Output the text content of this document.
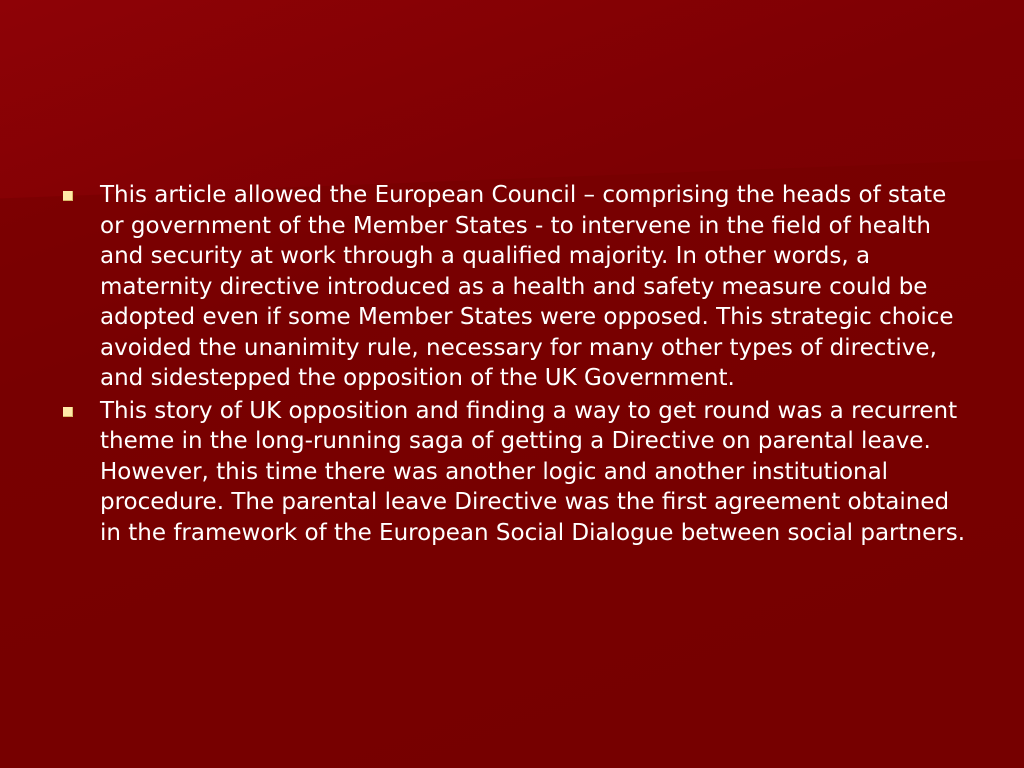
This article allowed the European Council – comprising the heads of state or government of the Member States - to intervene in the field of health and security at work through a qualified majority. In other words, a maternity directive introduced as a health and safety measure could be adopted even if some Member States were opposed. This strategic choice avoided the unanimity rule, necessary for many other types of directive, and sidestepped the opposition of the UK Government.
This story of UK opposition and finding a way to get round was a recurrent theme in the long-running saga of getting a Directive on parental leave. However, this time there was another logic and another institutional procedure. The parental leave Directive was the first agreement obtained in the framework of the European Social Dialogue between social partners.
